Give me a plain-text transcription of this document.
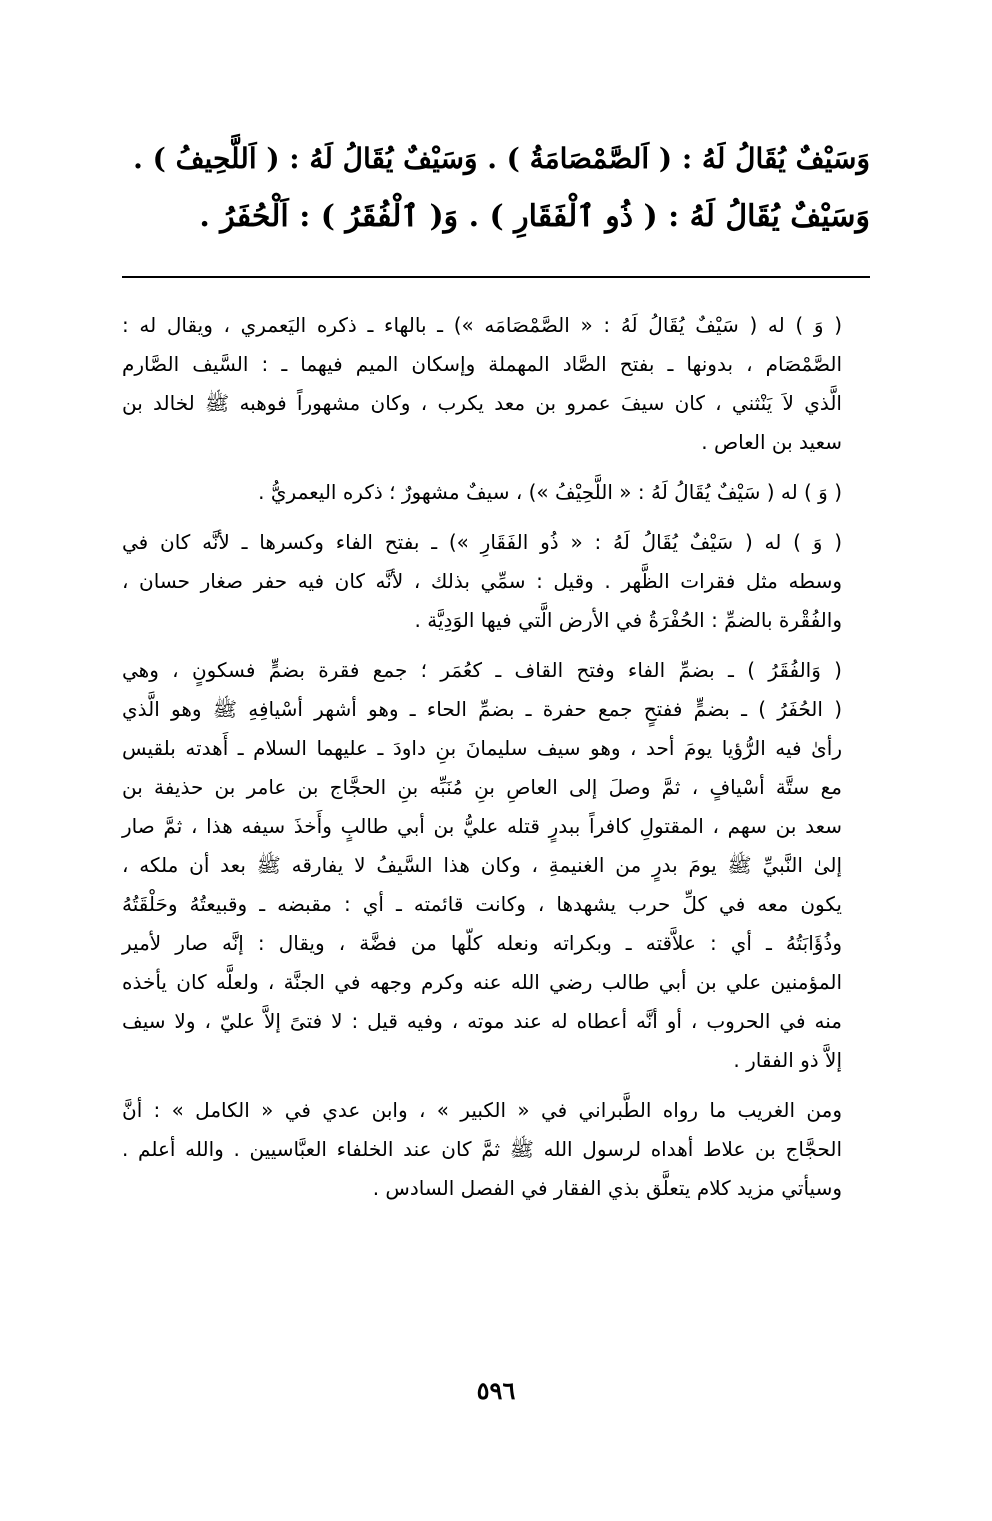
وَسَيْفٌ يُقَالُ لَهُ : ( اَلصَّمْصَامَةُ ) . وَسَيْفٌ يُقَالُ لَهُ : ( اَللَّحِيفُ ) .

وَسَيْفٌ يُقَالُ لَهُ : ( ذُو ٱلْفَقَارِ ) . وَ( ٱلْفُقَرُ ) : اَلْحُفَرُ .

( وَ ) له ( سَيْفٌ يُقَالُ لَهُ : « الصَّمْصَامَه ») ـ بالهاء ـ ذكره اليَعمري ، ويقال له :
الصَّمْصَام ، بدونها ـ بفتح الصَّاد المهملة وإسكان الميم فيهما ـ : السَّيف الصَّارم
الَّذي لاَ يَنْثني ، كان سيفَ عمرو بن معد يكرب ، وكان مشهوراً فوهبه ﷺ لخالد بن
سعيد بن العاص .
( وَ ) له ( سَيْفٌ يُقَالُ لَهُ : « اللَّحِيْفُ ») ، سيفٌ مشهورٌ ؛ ذكره اليعمريُّ .
( وَ ) له ( سَيْفٌ يُقَالُ لَهُ : « ذُو الفَقَارِ ») ـ بفتح الفاء وكسرها ـ لأنَّه كان في
وسطه مثل فقرات الظَّهر . وقيل : سمِّي بذلك ، لأنَّه كان فيه حفر صغار حسان ،
والفُقْرة بالضمِّ : الحُفْرَةُ في الأرض الَّتي فيها الوَدِيَّة .
( وَالفُقَرُ ) ـ بضمِّ الفاء وفتح القاف ـ كعُمَر ؛ جمع فقرة بضمٍّ فسكونٍ ، وهي
( الحُفَرُ ) ـ بضمٍّ ففتحٍ جمع حفرة ـ بضمِّ الحاء ـ وهو أشهر أسْيافِهِ ﷺ وهو الَّذي
رأىٰ فيه الرُّؤيا يومَ أحد ، وهو سيف سليمانَ بنِ داودَ ـ عليهما السلام ـ أَهدته بلقيس
مع ستَّة أسْيافٍ ، ثمَّ وصلَ إلى العاصِ بنِ مُنَبِّه بنِ الحجَّاج بن عامر بن حذيفة بن
سعد بن سهم ، المقتولِ كافراً ببدرٍ قتله عليُّ بن أبي طالبٍ وأَخذَ سيفه هذا ، ثمَّ صار
إلىٰ النَّبيِّ ﷺ يومَ بدرٍ من الغنيمةِ ، وكان هذا السَّيفُ لا يفارقه ﷺ بعد أن ملكه ،
يكون معه في كلِّ حرب يشهدها ، وكانت قائمته ـ أي : مقبضه ـ وقبيعتُهُ وحَلْقَتُهُ
وذُؤَابَتُهُ ـ أي : علاَّقته ـ وبكراته ونعله كلّها من فضَّة ، ويقال : إنَّه صار لأمير
المؤمنين علي بن أبي طالب رضي الله عنه وكرم وجهه في الجنَّة ، ولعلَّه كان يأخذه
منه في الحروب ، أو أنَّه أعطاه له عند موته ، وفيه قيل : لا فتىً إلاَّ عليّ ، ولا سيف
إلاَّ ذو الفقار .
ومن الغريب ما رواه الطَّبراني في « الكبير » ، وابن عدي في « الكامل » : أنَّ
الحجَّاج بن علاط أهداه لرسول الله ﷺ ثمَّ كان عند الخلفاء العبَّاسيين . والله أعلم .
وسيأتي مزيد كلام يتعلَّق بذي الفقار في الفصل السادس .
٥٩٦
